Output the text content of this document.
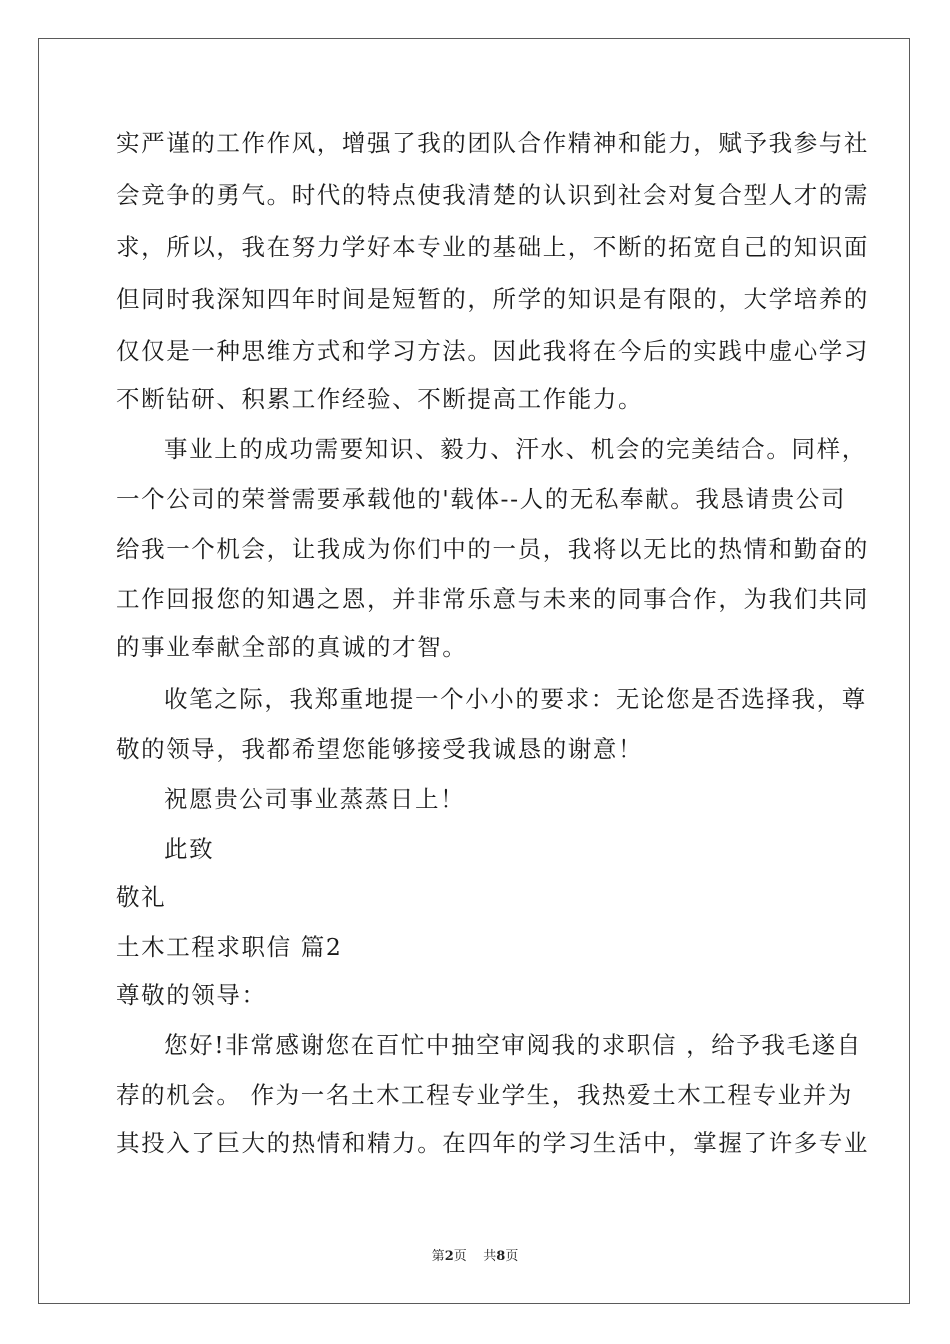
实严谨的工作作风，增强了我的团队合作精神和能力，赋予我参与社
会竞争的勇气。时代的特点使我清楚的认识到社会对复合型人才的需
求，所以，我在努力学好本专业的基础上，不断的拓宽自己的知识面
但同时我深知四年时间是短暂的，所学的知识是有限的，大学培养的
仅仅是一种思维方式和学习方法。因此我将在今后的实践中虚心学习
不断钻研、积累工作经验、不断提高工作能力。
事业上的成功需要知识、毅力、汗水、机会的完美结合。同样，
一个公司的荣誉需要承载他的'载体--人的无私奉献。我恳请贵公司
给我一个机会，让我成为你们中的一员，我将以无比的热情和勤奋的
工作回报您的知遇之恩，并非常乐意与未来的同事合作，为我们共同
的事业奉献全部的真诚的才智。
收笔之际，我郑重地提一个小小的要求：无论您是否选择我，尊
敬的领导，我都希望您能够接受我诚恳的谢意！
祝愿贵公司事业蒸蒸日上！
此致
敬礼
土木工程求职信 篇2
尊敬的领导：
您好!非常感谢您在百忙中抽空审阅我的求职信 ，给予我毛遂自
荐的机会。 作为一名土木工程专业学生，我热爱土木工程专业并为
其投入了巨大的热情和精力。在四年的学习生活中，掌握了许多专业
第2页    共8页
